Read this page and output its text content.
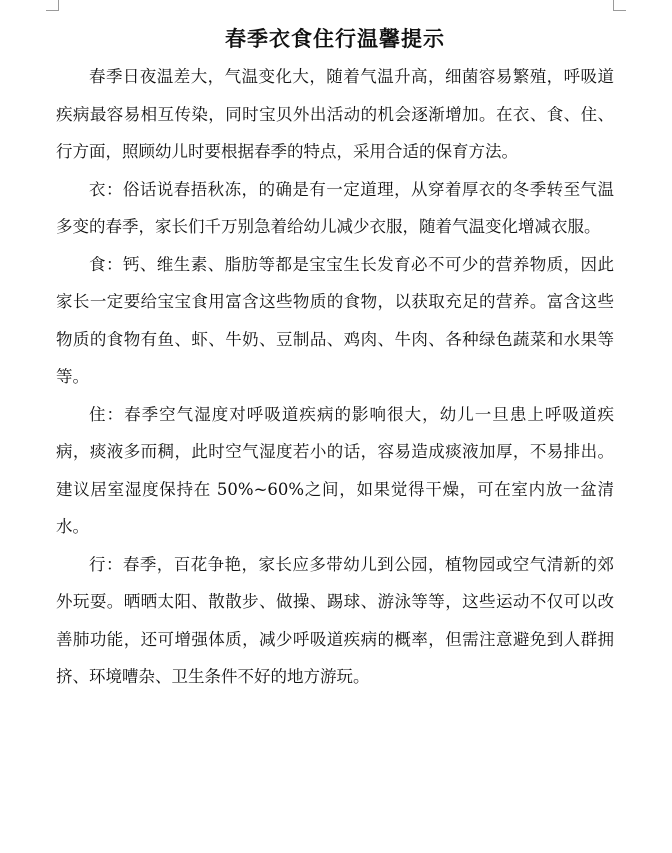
春季衣食住行温馨提示

春季日夜温差大，气温变化大，随着气温升高，细菌容易繁殖，呼吸道疾病最容易相互传染，同时宝贝外出活动的机会逐渐增加。在衣、食、住、行方面，照顾幼儿时要根据春季的特点，采用合适的保育方法。

衣：俗话说春捂秋冻，的确是有一定道理，从穿着厚衣的冬季转至气温多变的春季，家长们千万别急着给幼儿减少衣服，随着气温变化增减衣服。

食：钙、维生素、脂肪等都是宝宝生长发育必不可少的营养物质，因此家长一定要给宝宝食用富含这些物质的食物，以获取充足的营养。富含这些物质的食物有鱼、虾、牛奶、豆制品、鸡肉、牛肉、各种绿色蔬菜和水果等等。

住：春季空气湿度对呼吸道疾病的影响很大，幼儿一旦患上呼吸道疾病，痰液多而稠，此时空气湿度若小的话，容易造成痰液加厚，不易排出。建议居室湿度保持在 50%~60%之间，如果觉得干燥，可在室内放一盆清水。

行：春季，百花争艳，家长应多带幼儿到公园，植物园或空气清新的郊外玩耍。晒晒太阳、散散步、做操、踢球、游泳等等，这些运动不仅可以改善肺功能，还可增强体质，减少呼吸道疾病的概率，但需注意避免到人群拥挤、环境嘈杂、卫生条件不好的地方游玩。
